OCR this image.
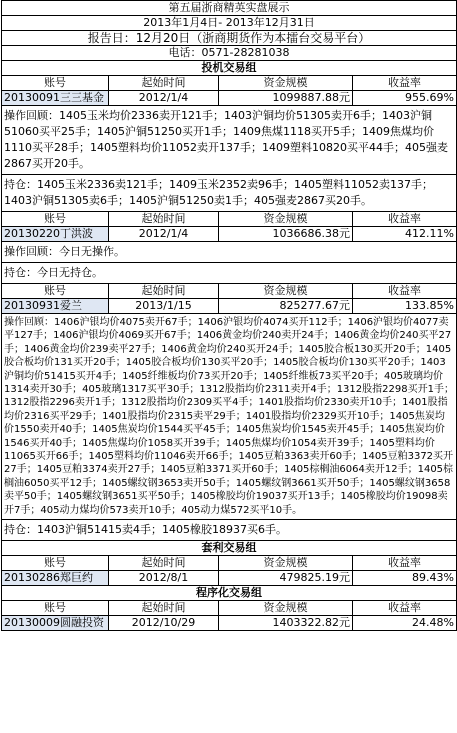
第五届浙商精英实盘展示			
2013年1月4日- 2013年12月31日			
报告日：12月20日（浙商期货作为本擂台交易平台）			
电话：0571-28281038			
投机交易组			
账号	起始时间	资金规模	收益率
20130091三三基金	2012/1/4	1099887.88元	955.69%
操作回顾：1405玉米均价2336卖开121手；1403沪铜均价51305卖开6手；1403沪铜51060买平25手；1405沪铜51250买开1手；1409焦煤1118买开5手；1409焦煤均价1110买平28手；1405塑料均价11052卖开137手；1409塑料10820买平44手；405强麦2867买开20手。			
持仓：1405玉米2336卖121手；1409玉米2352卖96手；1405塑料11052卖137手；1403沪铜51305卖6手；1405沪铜51250卖1手；405强麦2867买20手。			
账号	起始时间	资金规模	收益率
20130220丁洪波	2012/1/4	1036686.38元	412.11%
操作回顾：今日无操作。			
持仓：今日无持仓。			
账号	起始时间	资金规模	收益率
20130931爱兰	2013/1/15	825277.67元	133.85%
操作回顾：1406沪银均价4075卖开67手；1406沪银均价4074买开112手；1406沪银均价4077卖平127手；1406沪银均价4069买开67手；1406黄金均价240卖开24手；1406黄金均价240买平27手；1406黄金均价239卖平27手；1406黄金均价240买开24手；1405胶合板130买开20手；1405胶合板均价131买开20手；1405胶合板均价130买平20手；1405胶合板均价130买平20手；1403沪铜均价51415买开4手；1405纤维板均价73买开20手；1405纤维板73买平20手；405玻璃均价1314卖开30手；405玻璃1317买平30手；1312股指均价2311卖开4手；1312股指2298买开1手；1312股指2296卖开1手；1312股指均价2309买平4手；1401股指均价2330卖开10手；1401股指均价2316买平29手；1401股指均价2315卖平29手；1401股指均价2329买开10手；1405焦炭均价1550卖开40手；1405焦炭均价1544买平45手；1405焦炭均价1545卖开45手；1405焦炭均价1546买开40手；1405焦煤均价1058买开39手；1405焦煤均价1054卖开39手；1405塑料均价11065买开66手；1405塑料均价11046卖开66手；1405豆粕3363卖开60手；1405豆粕3372买开27手；1405豆粕3374卖开27手；1405豆粕3371买开60手；1405棕榈油6064卖开12手；1405棕榈油6050买平12手；1405螺纹钢3653卖开50手；1405螺纹钢3661买开50手；1405螺纹钢3658卖平50手；1405螺纹钢3651买平50手；1405橡胶均价19037买开13手；1405橡胶均价19098卖开7手；405动力煤均价573卖开10手；405动力煤572买平10手。			
持仓：1403沪铜51415卖4手；1405橡胶18937买6手。			
套利交易组			
账号	起始时间	资金规模	收益率
20130286郑巨约	2012/8/1	479825.19元	89.43%
程序化交易组			
账号	起始时间	资金规模	收益率
20130009圆融投资	2012/10/29	1403322.82元	24.48%
